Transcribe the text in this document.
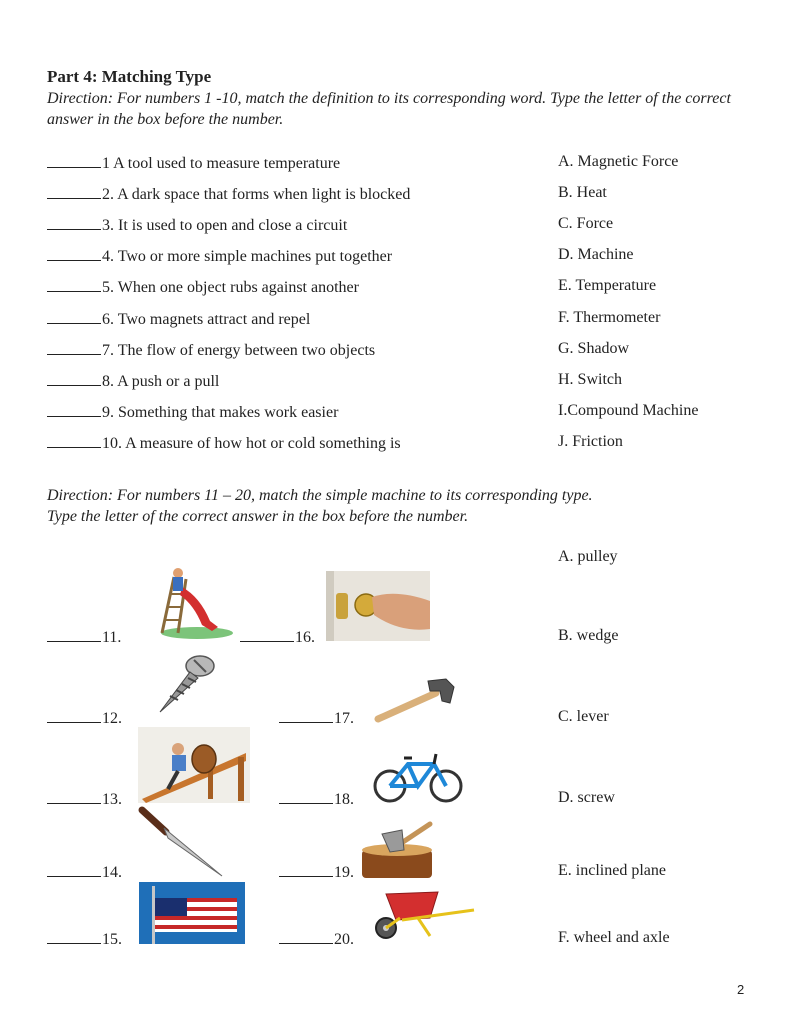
Part 4: Matching Type
Direction: For numbers 1 -10, match the definition to its corresponding word. Type the letter of the correct answer in the box before the number.
1 A tool used to measure temperature
2. A dark space that forms when light is blocked
3. It is used to open and close a circuit
4. Two or more simple machines put together
5. When one object rubs against another
6. Two magnets attract and repel
7. The flow of energy between two objects
8. A push or a pull
9. Something that makes work easier
10. A measure of how hot or cold something is
A. Magnetic Force
B. Heat
C. Force
D. Machine
E. Temperature
F. Thermometer
G. Shadow
H. Switch
I.Compound Machine
J. Friction
Direction: For numbers 11 – 20, match the simple machine to its corresponding type.
Type the letter of the correct answer in the box before the number.
11.
12.
13.
14.
15.
16.
17.
18.
19.
20.
A. pulley
B. wedge
C. lever
D. screw
E. inclined plane
F. wheel and axle
2
